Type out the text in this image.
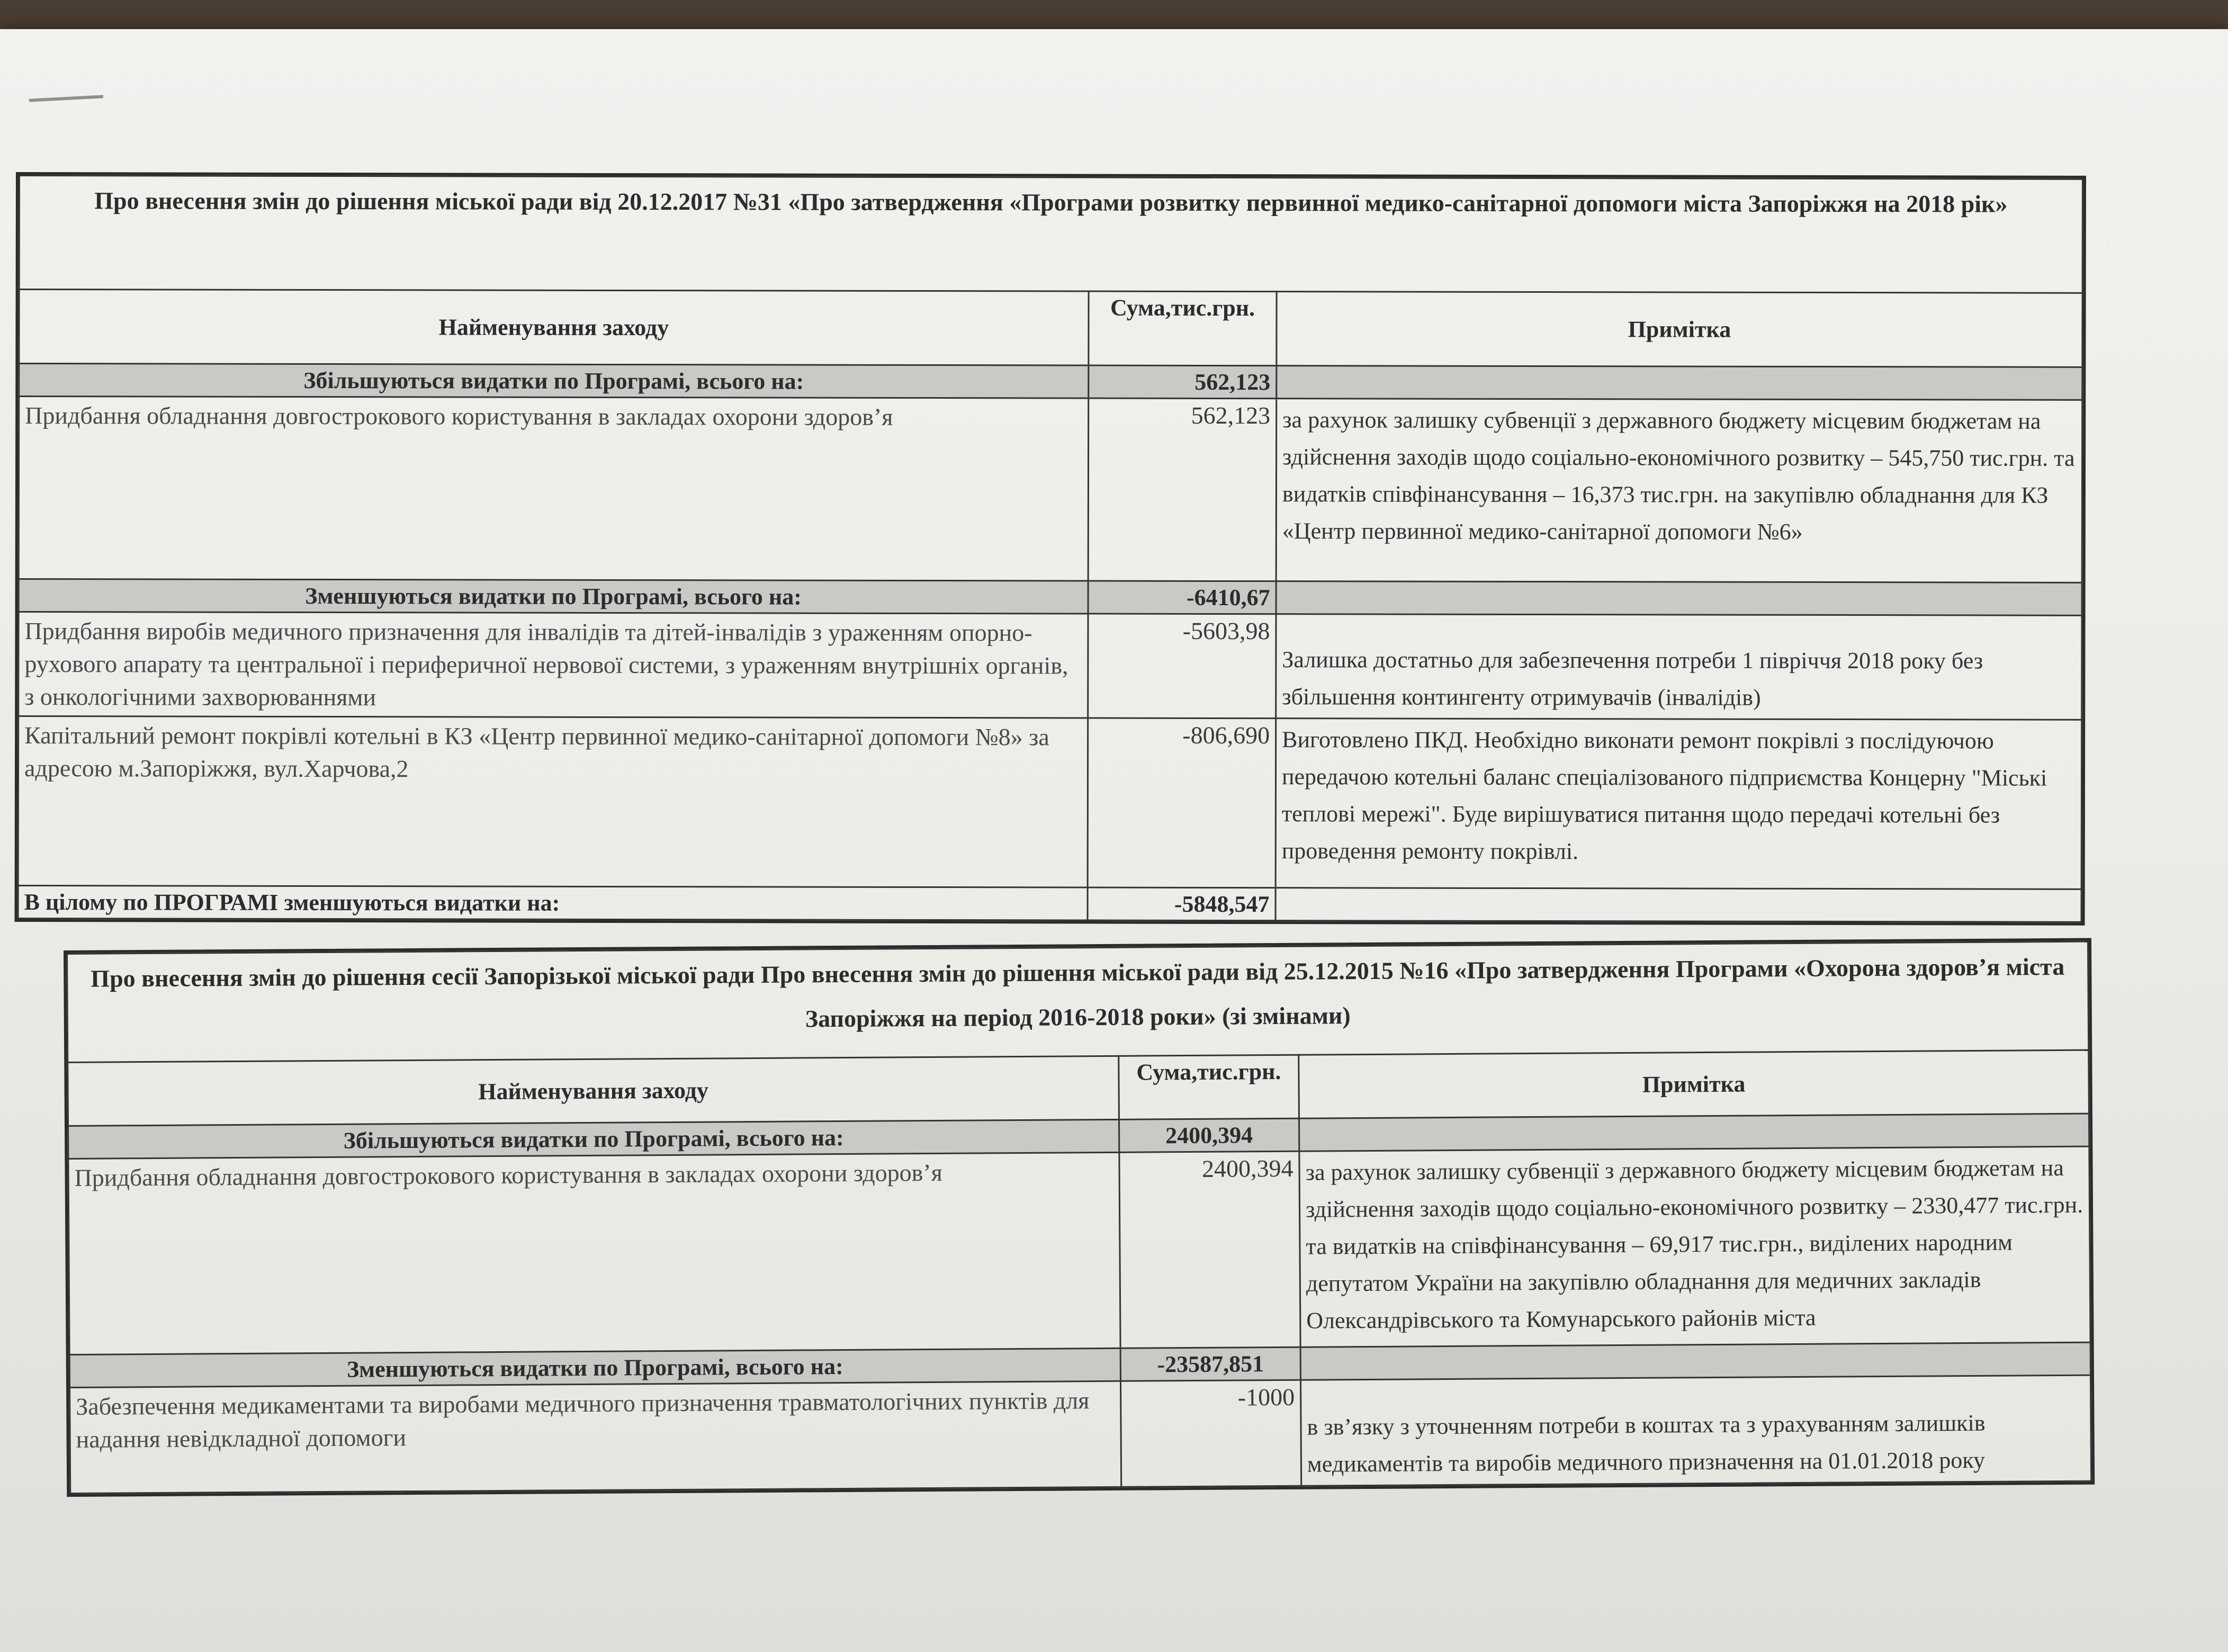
Про внесення змін до рішення міської ради від 20.12.2017 №31 «Про затвердження «Програми розвитку первинної медико-санітарної допомоги міста Запоріжжя на 2018 рік»		
Найменування заходу	Сума,тис.грн.	Примітка
Збільшуються видатки по Програмі, всього на:	562,123	
Придбання обладнання довгострокового користування в закладах охорони здоров’я	562,123	за рахунок залишку субвенції з державного бюджету місцевим бюджетам на здійснення заходів щодо соціально-економічного розвитку – 545,750 тис.грн. та видатків співфінансування – 16,373 тис.грн. на закупівлю обладнання для КЗ «Центр первинної медико-санітарної допомоги №6»
Зменшуються видатки по Програмі, всього на:	-6410,67	
Придбання виробів медичного призначення для інвалідів та дітей-інвалідів з ураженням опорно-рухового апарату та центральної і периферичної нервової системи, з ураженням внутрішніх органів, з онкологічними захворюваннями	-5603,98	Залишка достатньо для забезпечення потреби 1 півріччя 2018 року без збільшення контингенту отримувачів (інвалідів)
Капітальний ремонт покрівлі котельні в КЗ «Центр первинної медико-санітарної допомоги №8» за адресою м.Запоріжжя, вул.Харчова,2	-806,690	Виготовлено ПКД. Необхідно виконати ремонт покрівлі з послідуючою передачою котельні баланс спеціалізованого підприємства Концерну "Міські теплові мережі". Буде вирішуватися питання щодо передачі котельні без проведення ремонту покрівлі.
В цілому по ПРОГРАМІ зменшуються видатки на:	-5848,547	
Про внесення змін до рішення сесії Запорізької міської ради Про внесення змін до рішення міської ради від 25.12.2015 №16 «Про затвердження Програми «Охорона здоров’я міста Запоріжжя на період 2016-2018 роки» (зі змінами)		
Найменування заходу	Сума,тис.грн.	Примітка
Збільшуються видатки по Програмі, всього на:	2400,394	
Придбання обладнання довгострокового користування в закладах охорони здоров’я	2400,394	за рахунок залишку субвенції з державного бюджету місцевим бюджетам на здійснення заходів щодо соціально-економічного розвитку – 2330,477 тис.грн. та видатків на співфінансування – 69,917 тис.грн., виділених народним депутатом України на закупівлю обладнання для медичних закладів Олександрівського та Комунарського районів міста
Зменшуються видатки по Програмі, всього на:	-23587,851	
Забезпечення медикаментами та виробами медичного призначення травматологічних пунктів для надання невідкладної допомоги	-1000	в зв’язку з уточненням потреби в коштах та з урахуванням залишків медикаментів та виробів медичного призначення на 01.01.2018 року
